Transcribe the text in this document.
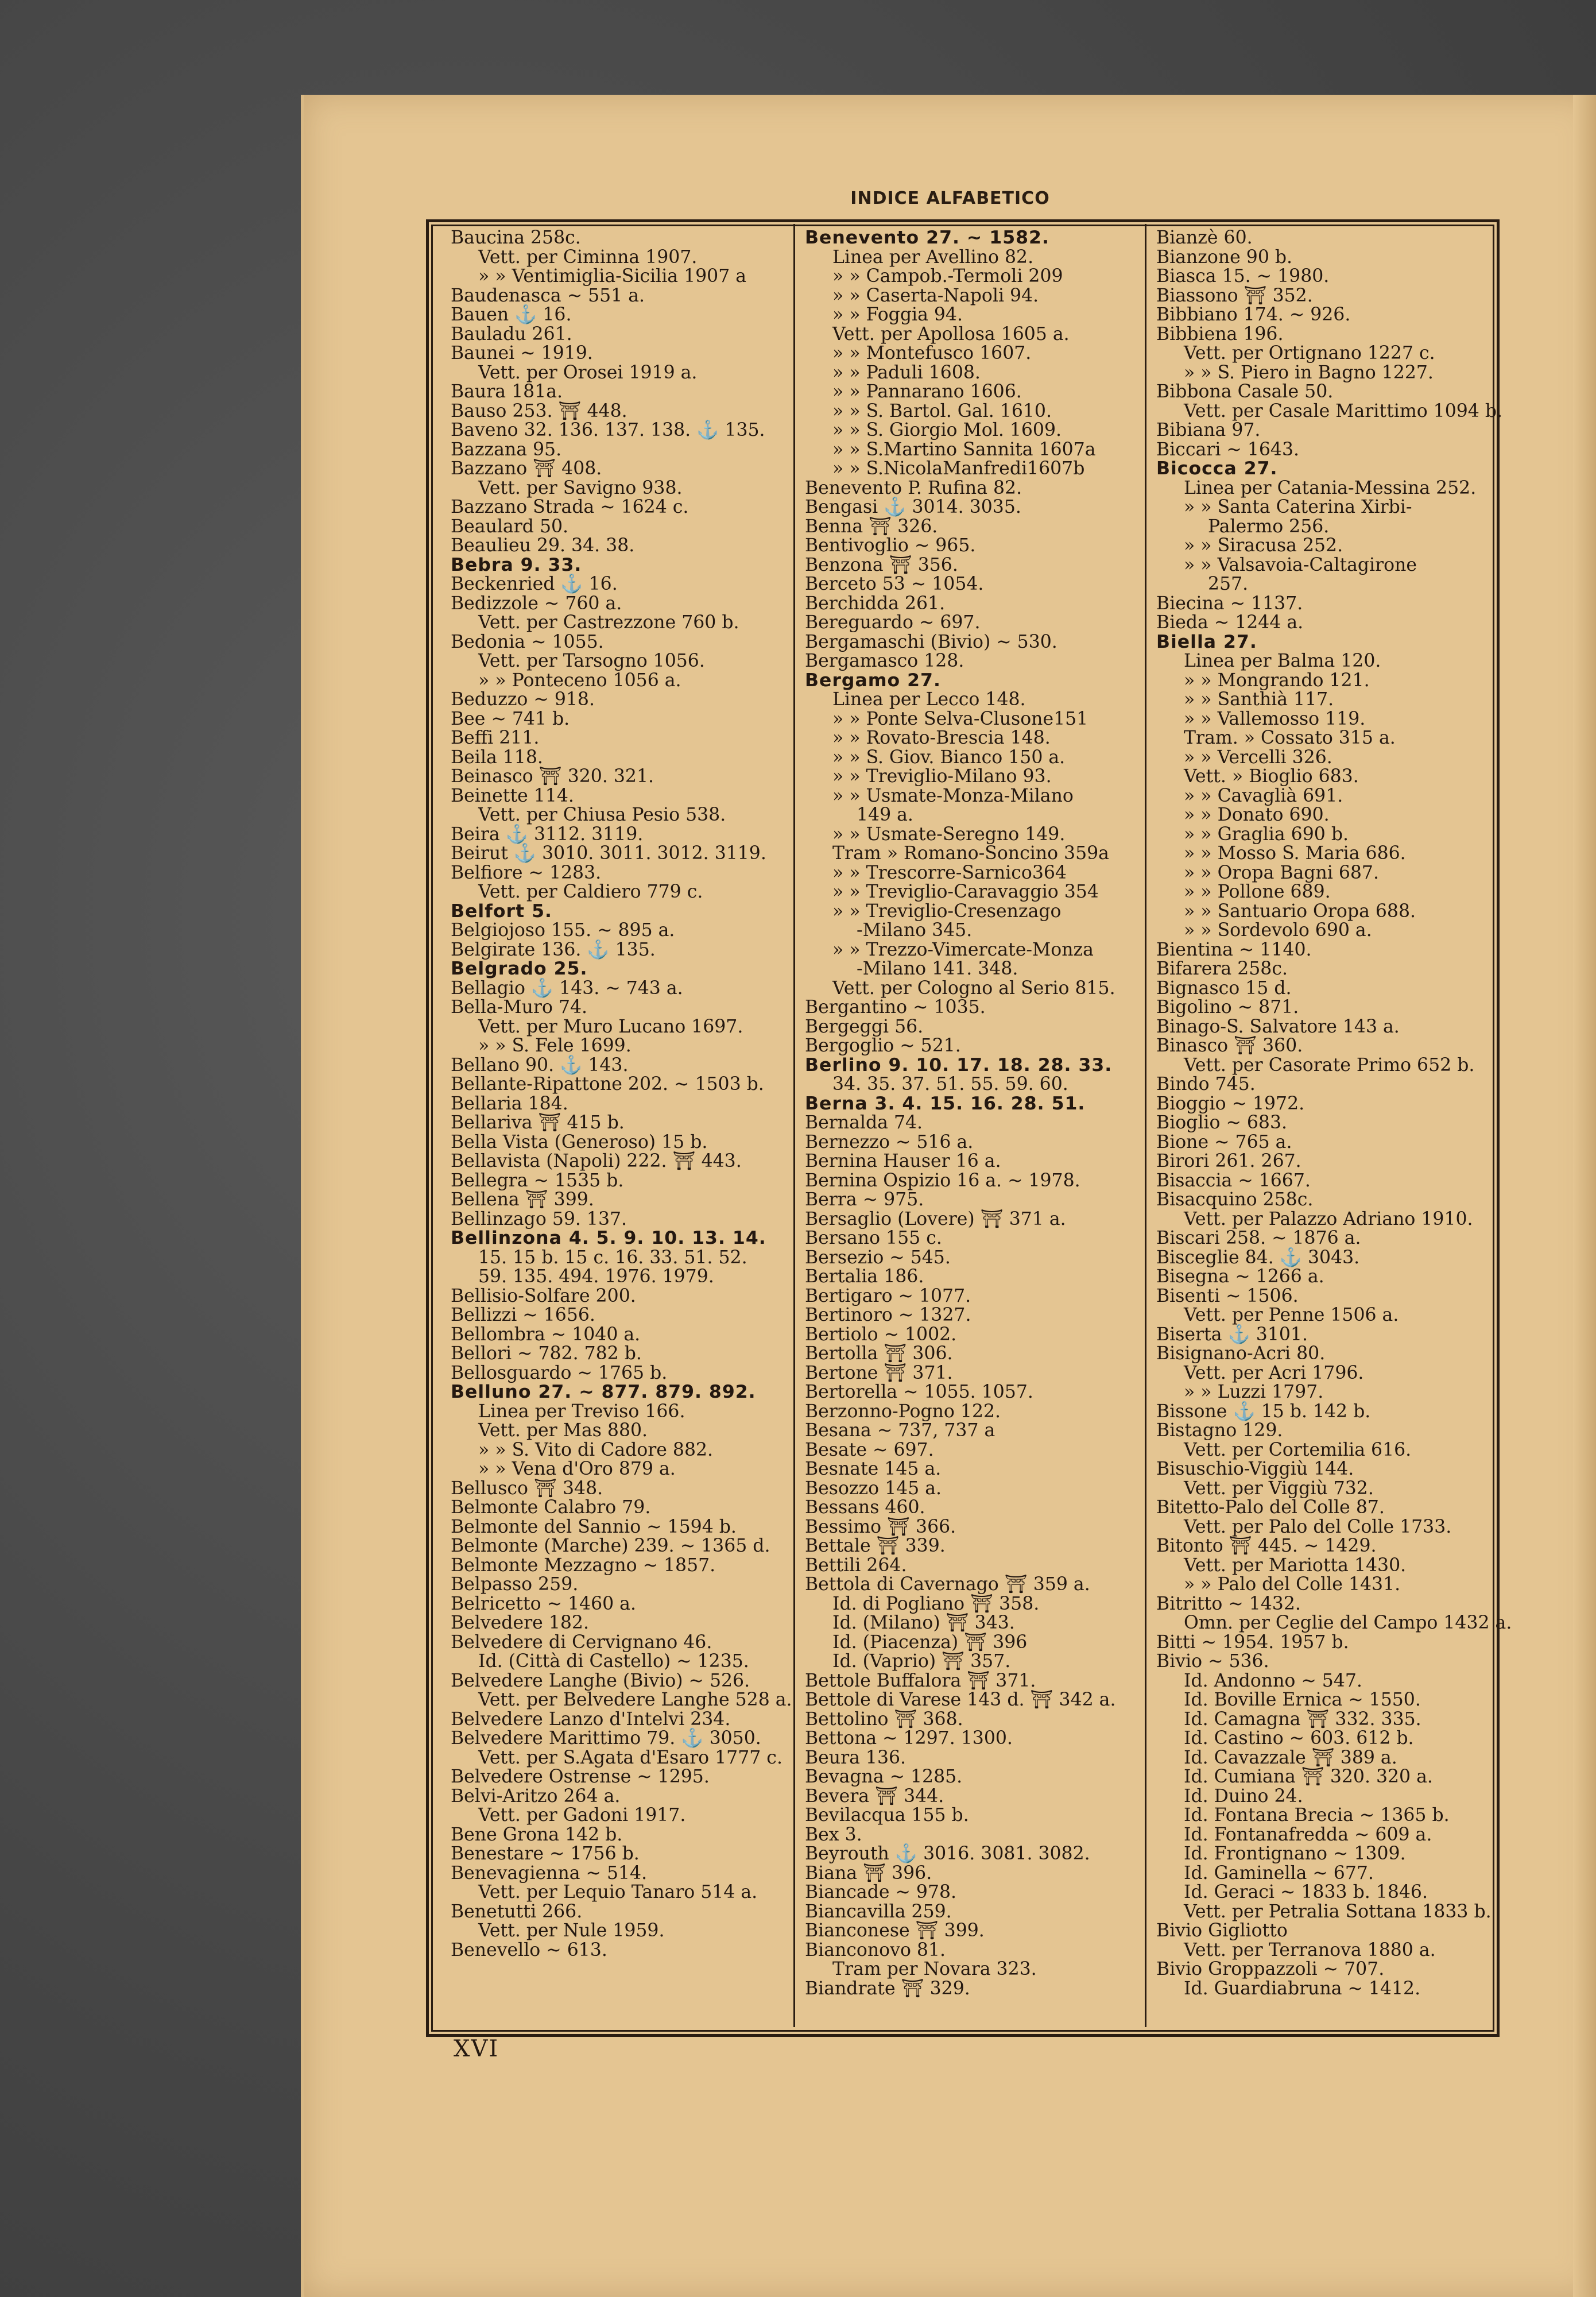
INDICE ALFABETICO
Baucina 258c.
Vett. per Ciminna 1907.
» » Ventimiglia-Sicilia 1907 a
Baudenasca ~ 551 a.
Bauen ⚓ 16.
Bauladu 261.
Baunei ~ 1919.
Vett. per Orosei 1919 a.
Baura 181a.
Bauso 253. ⛩ 448.
Baveno 32. 136. 137. 138. ⚓ 135.
Bazzana 95.
Bazzano ⛩ 408.
Vett. per Savigno 938.
Bazzano Strada ~ 1624 c.
Beaulard 50.
Beaulieu 29. 34. 38.
Bebra 9. 33.
Beckenried ⚓ 16.
Bedizzole ~ 760 a.
Vett. per Castrezzone 760 b.
Bedonia ~ 1055.
Vett. per Tarsogno 1056.
» » Ponteceno 1056 a.
Beduzzo ~ 918.
Bee ~ 741 b.
Beffi 211.
Beila 118.
Beinasco ⛩ 320. 321.
Beinette 114.
Vett. per Chiusa Pesio 538.
Beira ⚓ 3112. 3119.
Beirut ⚓ 3010. 3011. 3012. 3119.
Belfiore ~ 1283.
Vett. per Caldiero 779 c.
Belfort 5.
Belgiojoso 155. ~ 895 a.
Belgirate 136. ⚓ 135.
Belgrado 25.
Bellagio ⚓ 143. ~ 743 a.
Bella-Muro 74.
Vett. per Muro Lucano 1697.
» » S. Fele 1699.
Bellano 90. ⚓ 143.
Bellante-Ripattone 202. ~ 1503 b.
Bellaria 184.
Bellariva ⛩ 415 b.
Bella Vista (Generoso) 15 b.
Bellavista (Napoli) 222. ⛩ 443.
Bellegra ~ 1535 b.
Bellena ⛩ 399.
Bellinzago 59. 137.
Bellinzona 4. 5. 9. 10. 13. 14.
15. 15 b. 15 c. 16. 33. 51. 52.
59. 135. 494. 1976. 1979.
Bellisio-Solfare 200.
Bellizzi ~ 1656.
Bellombra ~ 1040 a.
Bellori ~ 782. 782 b.
Bellosguardo ~ 1765 b.
Belluno 27. ~ 877. 879. 892.
Linea per Treviso 166.
Vett. per Mas 880.
» » S. Vito di Cadore 882.
» » Vena d'Oro 879 a.
Bellusco ⛩ 348.
Belmonte Calabro 79.
Belmonte del Sannio ~ 1594 b.
Belmonte (Marche) 239. ~ 1365 d.
Belmonte Mezzagno ~ 1857.
Belpasso 259.
Belricetto ~ 1460 a.
Belvedere 182.
Belvedere di Cervignano 46.
Id. (Città di Castello) ~ 1235.
Belvedere Langhe (Bivio) ~ 526.
Vett. per Belvedere Langhe 528 a.
Belvedere Lanzo d'Intelvi 234.
Belvedere Marittimo 79. ⚓ 3050.
Vett. per S.Agata d'Esaro 1777 c.
Belvedere Ostrense ~ 1295.
Belvi-Aritzo 264 a.
Vett. per Gadoni 1917.
Bene Grona 142 b.
Benestare ~ 1756 b.
Benevagienna ~ 514.
Vett. per Lequio Tanaro 514 a.
Benetutti 266.
Vett. per Nule 1959.
Benevello ~ 613.
Benevento 27. ~ 1582.
Linea per Avellino 82.
» » Campob.-Termoli 209
» » Caserta-Napoli 94.
» » Foggia 94.
Vett. per Apollosa 1605 a.
» » Montefusco 1607.
» » Paduli 1608.
» » Pannarano 1606.
» » S. Bartol. Gal. 1610.
» » S. Giorgio Mol. 1609.
» » S.Martino Sannita 1607a
» » S.NicolaManfredi1607b
Benevento P. Rufina 82.
Bengasi ⚓ 3014. 3035.
Benna ⛩ 326.
Bentivoglio ~ 965.
Benzona ⛩ 356.
Berceto 53 ~ 1054.
Berchidda 261.
Bereguardo ~ 697.
Bergamaschi (Bivio) ~ 530.
Bergamasco 128.
Bergamo 27.
Linea per Lecco 148.
» » Ponte Selva-Clusone151
» » Rovato-Brescia 148.
» » S. Giov. Bianco 150 a.
» » Treviglio-Milano 93.
» » Usmate-Monza-Milano
149 a.
» » Usmate-Seregno 149.
Tram » Romano-Soncino 359a
» » Trescorre-Sarnico364
» » Treviglio-Caravaggio 354
» » Treviglio-Cresenzago
-Milano 345.
» » Trezzo-Vimercate-Monza
-Milano 141. 348.
Vett. per Cologno al Serio 815.
Bergantino ~ 1035.
Bergeggi 56.
Bergoglio ~ 521.
Berlino 9. 10. 17. 18. 28. 33.
34. 35. 37. 51. 55. 59. 60.
Berna 3. 4. 15. 16. 28. 51.
Bernalda 74.
Bernezzo ~ 516 a.
Bernina Hauser 16 a.
Bernina Ospizio 16 a. ~ 1978.
Berra ~ 975.
Bersaglio (Lovere) ⛩ 371 a.
Bersano 155 c.
Bersezio ~ 545.
Bertalia 186.
Bertigaro ~ 1077.
Bertinoro ~ 1327.
Bertiolo ~ 1002.
Bertolla ⛩ 306.
Bertone ⛩ 371.
Bertorella ~ 1055. 1057.
Berzonno-Pogno 122.
Besana ~ 737, 737 a
Besate ~ 697.
Besnate 145 a.
Besozzo 145 a.
Bessans 460.
Bessimo ⛩ 366.
Bettale ⛩ 339.
Bettili 264.
Bettola di Cavernago ⛩ 359 a.
Id. di Pogliano ⛩ 358.
Id. (Milano) ⛩ 343.
Id. (Piacenza) ⛩ 396
Id. (Vaprio) ⛩ 357.
Bettole Buffalora ⛩ 371.
Bettole di Varese 143 d. ⛩ 342 a.
Bettolino ⛩ 368.
Bettona ~ 1297. 1300.
Beura 136.
Bevagna ~ 1285.
Bevera ⛩ 344.
Bevilacqua 155 b.
Bex 3.
Beyrouth ⚓ 3016. 3081. 3082.
Biana ⛩ 396.
Biancade ~ 978.
Biancavilla 259.
Bianconese ⛩ 399.
Bianconovo 81.
Tram per Novara 323.
Biandrate ⛩ 329.
Bianzè 60.
Bianzone 90 b.
Biasca 15. ~ 1980.
Biassono ⛩ 352.
Bibbiano 174. ~ 926.
Bibbiena 196.
Vett. per Ortignano 1227 c.
» » S. Piero in Bagno 1227.
Bibbona Casale 50.
Vett. per Casale Marittimo 1094 b.
Bibiana 97.
Biccari ~ 1643.
Bicocca 27.
Linea per Catania-Messina 252.
» » Santa Caterina Xirbi-
Palermo 256.
» » Siracusa 252.
» » Valsavoia-Caltagirone
257.
Biecina ~ 1137.
Bieda ~ 1244 a.
Biella 27.
Linea per Balma 120.
» » Mongrando 121.
» » Santhià 117.
» » Vallemosso 119.
Tram. » Cossato 315 a.
» » Vercelli 326.
Vett. » Bioglio 683.
» » Cavaglià 691.
» » Donato 690.
» » Graglia 690 b.
» » Mosso S. Maria 686.
» » Oropa Bagni 687.
» » Pollone 689.
» » Santuario Oropa 688.
» » Sordevolo 690 a.
Bientina ~ 1140.
Bifarera 258c.
Bignasco 15 d.
Bigolino ~ 871.
Binago-S. Salvatore 143 a.
Binasco ⛩ 360.
Vett. per Casorate Primo 652 b.
Bindo 745.
Bioggio ~ 1972.
Bioglio ~ 683.
Bione ~ 765 a.
Birori 261. 267.
Bisaccia ~ 1667.
Bisacquino 258c.
Vett. per Palazzo Adriano 1910.
Biscari 258. ~ 1876 a.
Bisceglie 84. ⚓ 3043.
Bisegna ~ 1266 a.
Bisenti ~ 1506.
Vett. per Penne 1506 a.
Biserta ⚓ 3101.
Bisignano-Acri 80.
Vett. per Acri 1796.
» » Luzzi 1797.
Bissone ⚓ 15 b. 142 b.
Bistagno 129.
Vett. per Cortemilia 616.
Bisuschio-Viggiù 144.
Vett. per Viggiù 732.
Bitetto-Palo del Colle 87.
Vett. per Palo del Colle 1733.
Bitonto ⛩ 445. ~ 1429.
Vett. per Mariotta 1430.
» » Palo del Colle 1431.
Bitritto ~ 1432.
Omn. per Ceglie del Campo 1432 a.
Bitti ~ 1954. 1957 b.
Bivio ~ 536.
Id. Andonno ~ 547.
Id. Boville Ernica ~ 1550.
Id. Camagna ⛩ 332. 335.
Id. Castino ~ 603. 612 b.
Id. Cavazzale ⛩ 389 a.
Id. Cumiana ⛩ 320. 320 a.
Id. Duino 24.
Id. Fontana Brecia ~ 1365 b.
Id. Fontanafredda ~ 609 a.
Id. Frontignano ~ 1309.
Id. Gaminella ~ 677.
Id. Geraci ~ 1833 b. 1846.
Vett. per Petralia Sottana 1833 b.
Bivio Gigliotto
Vett. per Terranova 1880 a.
Bivio Groppazzoli ~ 707.
Id. Guardiabruna ~ 1412.
XVI
